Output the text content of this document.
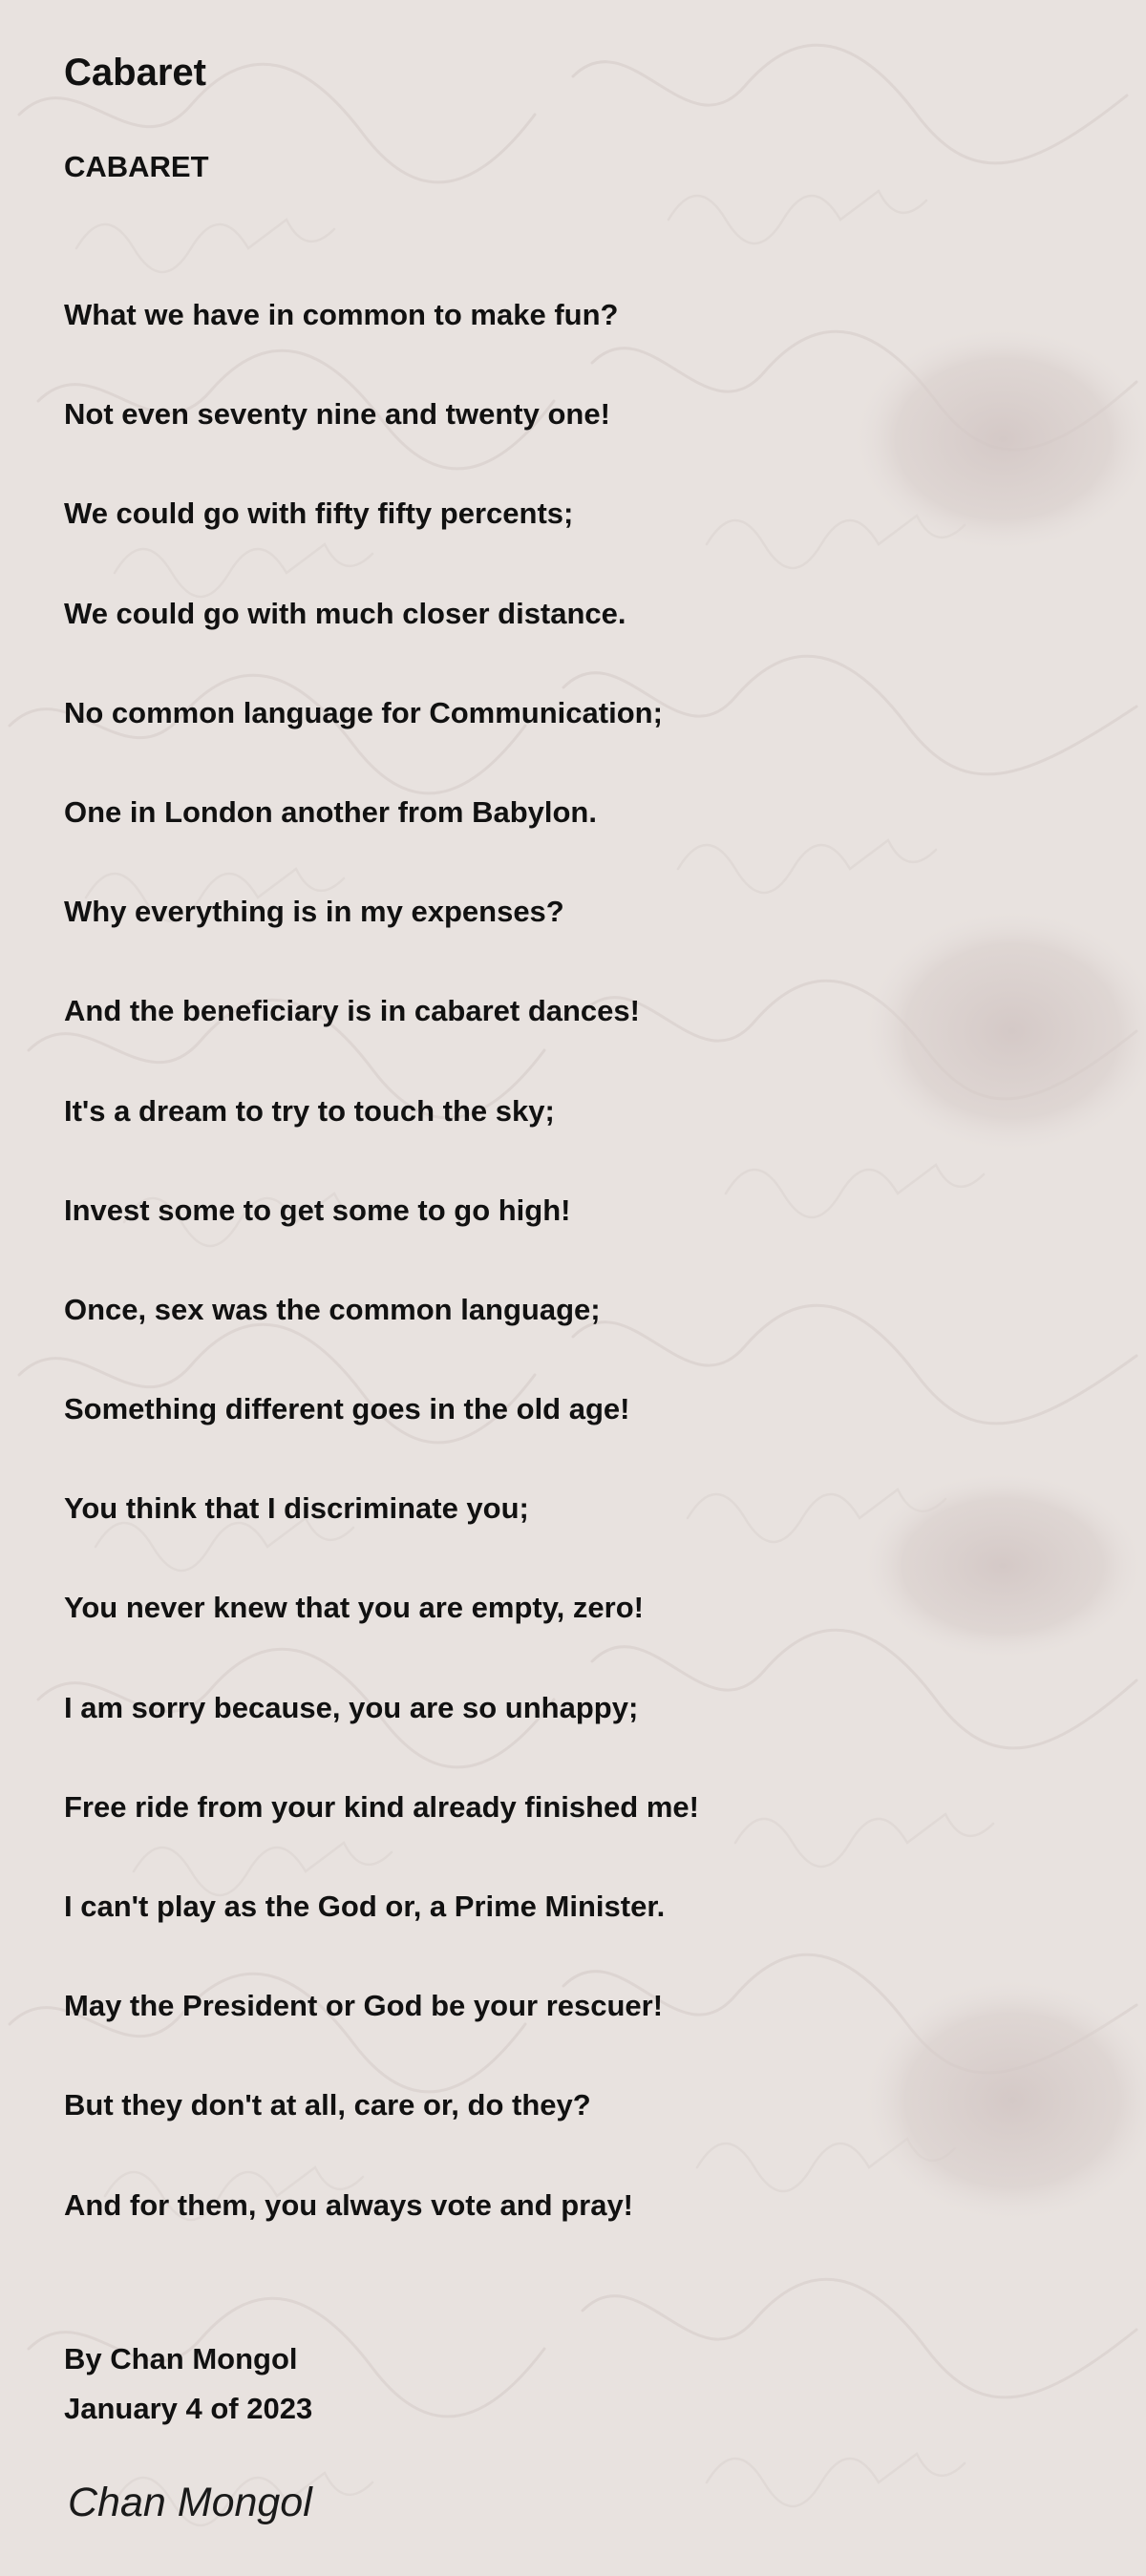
Cabaret
CABARET
What we have in common to make fun?
Not even seventy nine and twenty one!
We could go with fifty fifty percents;
We could go with much closer distance.
No common language for Communication;
One in London another from Babylon.
Why everything is in my expenses?
And the beneficiary is in cabaret dances!
It's a dream to try to touch the sky;
Invest some to get some to go high!
Once, sex was the common language;
Something different goes in the old age!
You think that I discriminate you;
You never knew that you are empty, zero!
I am sorry because, you are so unhappy;
Free ride from your kind already finished me!
I can't play as the God or, a Prime Minister.
May the President or God be your rescuer!
But they don't at all, care or, do they?
And for them, you always vote and pray!
By Chan Mongol
January 4 of 2023
Chan Mongol
